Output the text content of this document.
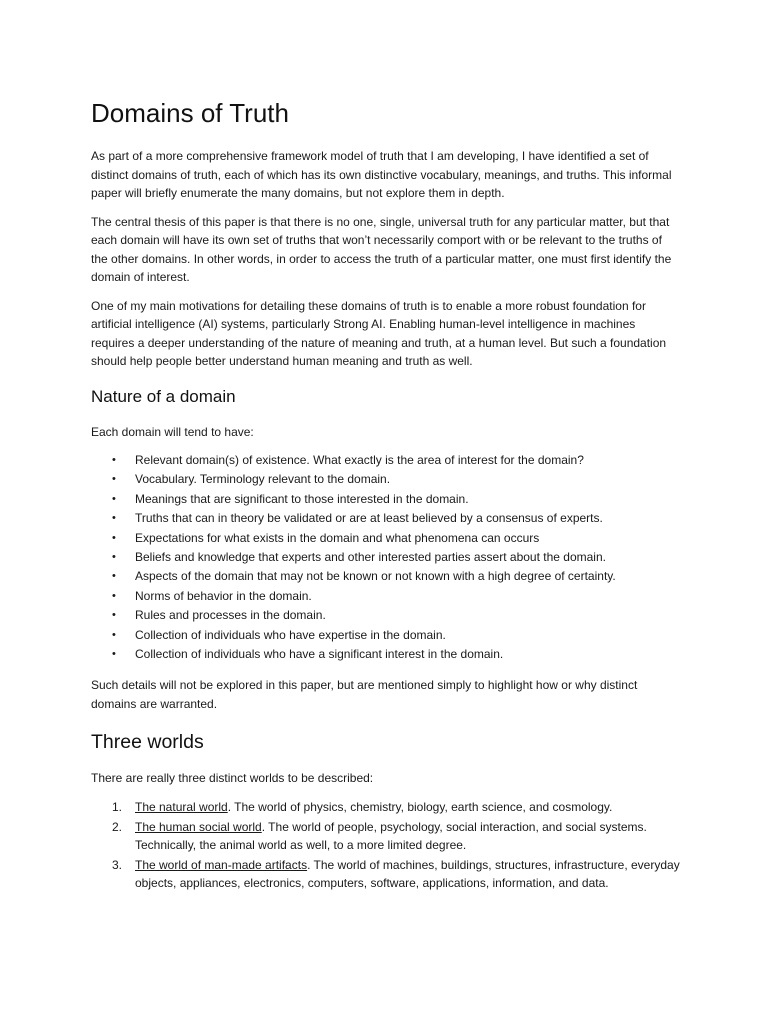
Domains of Truth

As part of a more comprehensive framework model of truth that I am developing, I have identified a set of distinct domains of truth, each of which has its own distinctive vocabulary, meanings, and truths. This informal paper will briefly enumerate the many domains, but not explore them in depth.

The central thesis of this paper is that there is no one, single, universal truth for any particular matter, but that each domain will have its own set of truths that won’t necessarily comport with or be relevant to the truths of the other domains. In other words, in order to access the truth of a particular matter, one must first identify the domain of interest.

One of my main motivations for detailing these domains of truth is to enable a more robust foundation for artificial intelligence (AI) systems, particularly Strong AI. Enabling human-level intelligence in machines requires a deeper understanding of the nature of meaning and truth, at a human level. But such a foundation should help people better understand human meaning and truth as well.

Nature of a domain

Each domain will tend to have:

• Relevant domain(s) of existence. What exactly is the area of interest for the domain?
• Vocabulary. Terminology relevant to the domain.
• Meanings that are significant to those interested in the domain.
• Truths that can in theory be validated or are at least believed by a consensus of experts.
• Expectations for what exists in the domain and what phenomena can occurs
• Beliefs and knowledge that experts and other interested parties assert about the domain.
• Aspects of the domain that may not be known or not known with a high degree of certainty.
• Norms of behavior in the domain.
• Rules and processes in the domain.
• Collection of individuals who have expertise in the domain.
• Collection of individuals who have a significant interest in the domain.

Such details will not be explored in this paper, but are mentioned simply to highlight how or why distinct domains are warranted.

Three worlds

There are really three distinct worlds to be described:

1. The natural world. The world of physics, chemistry, biology, earth science, and cosmology.
2. The human social world. The world of people, psychology, social interaction, and social systems. Technically, the animal world as well, to a more limited degree.
3. The world of man-made artifacts. The world of machines, buildings, structures, infrastructure, everyday objects, appliances, electronics, computers, software, applications, information, and data.
